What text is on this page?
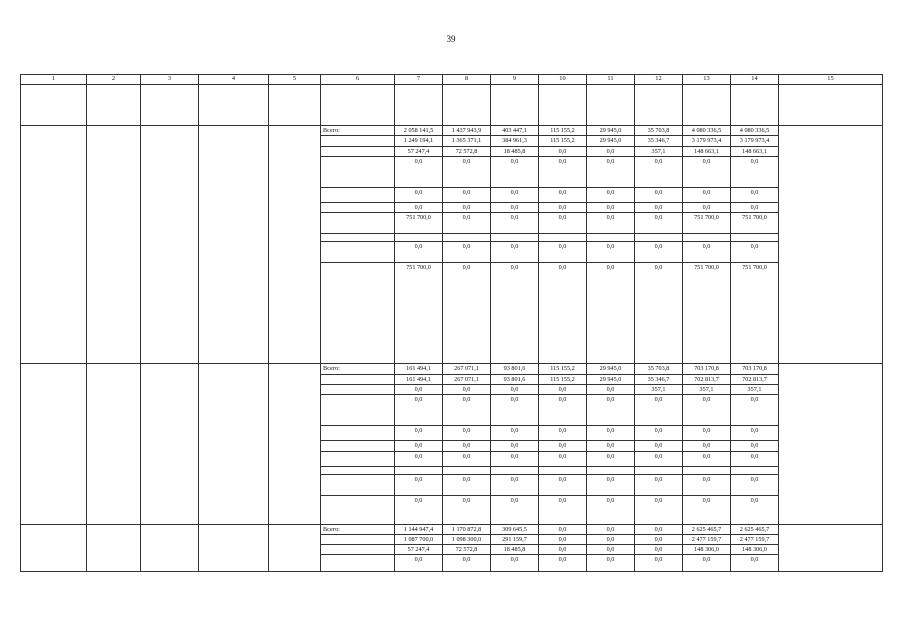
39
1	2	3	4	5	6	7	8	9	10	11	12	13	14	15

					Всего:	2 058 141,5	1 437 943,9	403 447,1	115 155,2	29 945,0	35 703,8	4 080 336,5	4 080 336,5	
						1 249 194,1	1 365 371,1	384 961,3	115 155,2	29 945,0	35 346,7	3 179 973,4	3 179 973,4	
						57 247,4	72 572,8	18 485,8	0,0	0,0	357,1	148 663,1	148 663,1	
						0,0	0,0	0,0	0,0	0,0	0,0	0,0	0,0	
						0,0	0,0	0,0	0,0	0,0	0,0	0,0	0,0	
						0,0	0,0	0,0	0,0	0,0	0,0	0,0	0,0	
						751 700,0	0,0	0,0	0,0	0,0	0,0	751 700,0	751 700,0	

						0,0	0,0	0,0	0,0	0,0	0,0	0,0	0,0	
						751 700,0	0,0	0,0	0,0	0,0	0,0	751 700,0	751 700,0	
					Всего:	161 494,1	267 071,1	93 801,6	115 155,2	29 945,0	35 703,8	703 170,8	703 170,8	
						161 494,1	267 071,1	93 801,6	115 155,2	29 945,0	35 346,7	702 813,7	702 813,7	
						0,0	0,0	0,0	0,0	0,0	357,1	357,1	357,1	
						0,0	0,0	0,0	0,0	0,0	0,0	0,0	0,0	
						0,0	0,0	0,0	0,0	0,0	0,0	0,0	0,0	
						0,0	0,0	0,0	0,0	0,0	0,0	0,0	0,0	
						0,0	0,0	0,0	0,0	0,0	0,0	0,0	0,0	

						0,0	0,0	0,0	0,0	0,0	0,0	0,0	0,0	
						0,0	0,0	0,0	0,0	0,0	0,0	0,0	0,0	
					Всего:	1 144 947,4	1 170 872,8	309 645,5	0,0	0,0	0,0	2 625 465,7	2 625 465,7	
						1 087 700,0	1 098 300,0	291 159,7	0,0	0,0	0,0	2 477 159,7	2 477 159,7	
						57 247,4	72 572,8	18 485,8	0,0	0,0	0,0	148 306,0	148 306,0	
						0,0	0,0	0,0	0,0	0,0	0,0	0,0	0,0	
